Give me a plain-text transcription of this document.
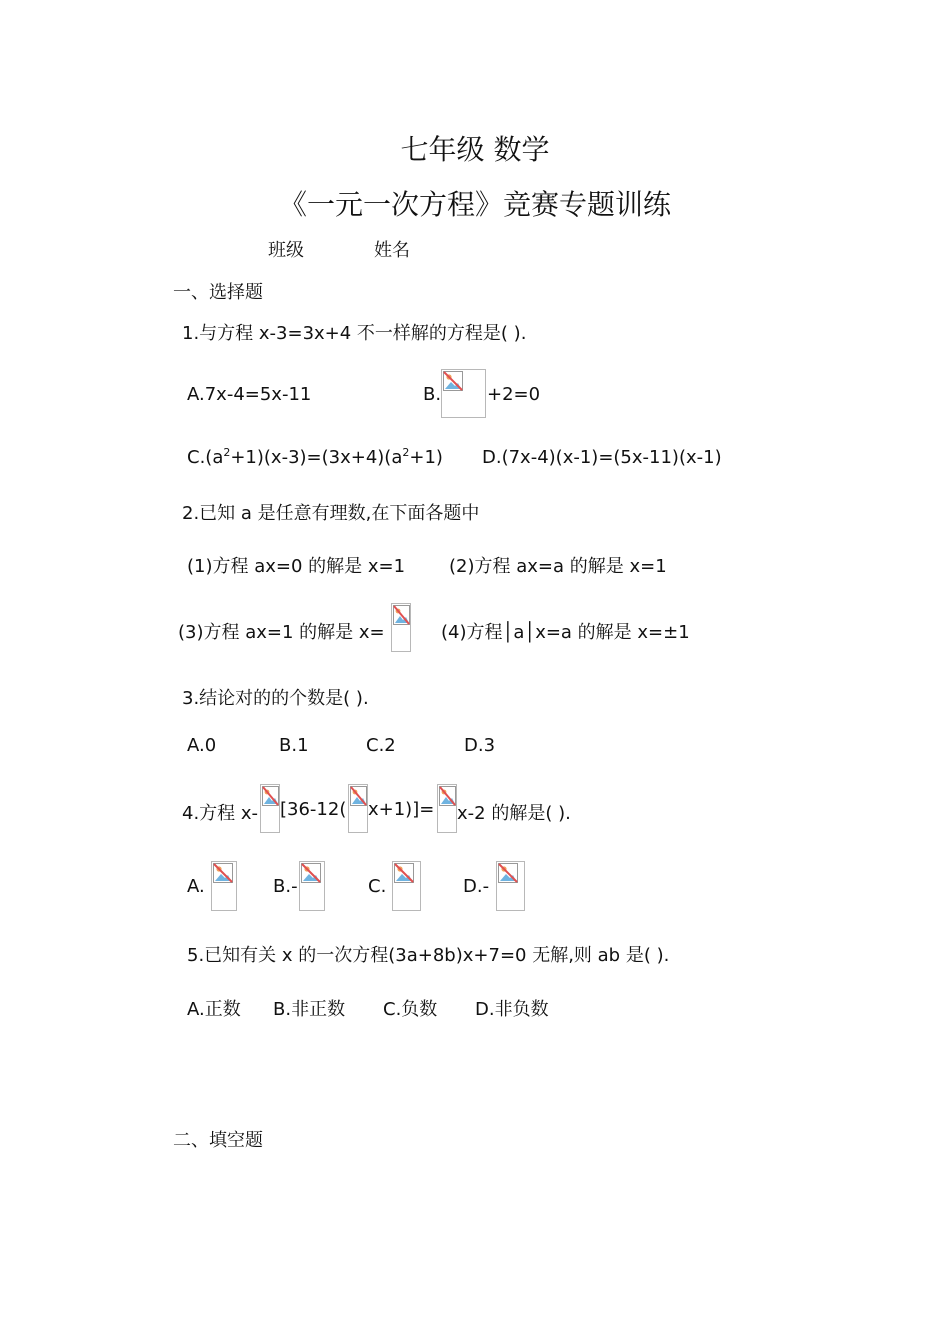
七年级 数学
《一元一次方程》竞赛专题训练
班级	姓名
一、选择题
1.与方程 x-3=3x+4 不一样解的方程是( ).
A.7x-4=5x-11	B.	+2=0
$C.(a^2+1)(x-3)=(3x+4)(a^2+1)$ D.(7x-4)(x-1)=(5x-11)(x-1)
2.已知 a 是任意有理数,在下面各题中
(1)方程 ax=0 的解是 x=1 (2)方程 ax=a 的解是 x=1
(3)方程 ax=1 的解是 x=	(4)方程│a│x=a 的解是 x=±1
3.结论对的的个数是( ).
A.0	B.1	C.2	D.3
4.方程 x- [36-12( x+1)]= x-2 的解是( ).
A.	B.-	C.	D.-
5.已知有关 x 的一次方程(3a+8b)x+7=0 无解,则 ab 是( ).
A.正数 B.非正数 C.负数 D.非负数
二、填空题
